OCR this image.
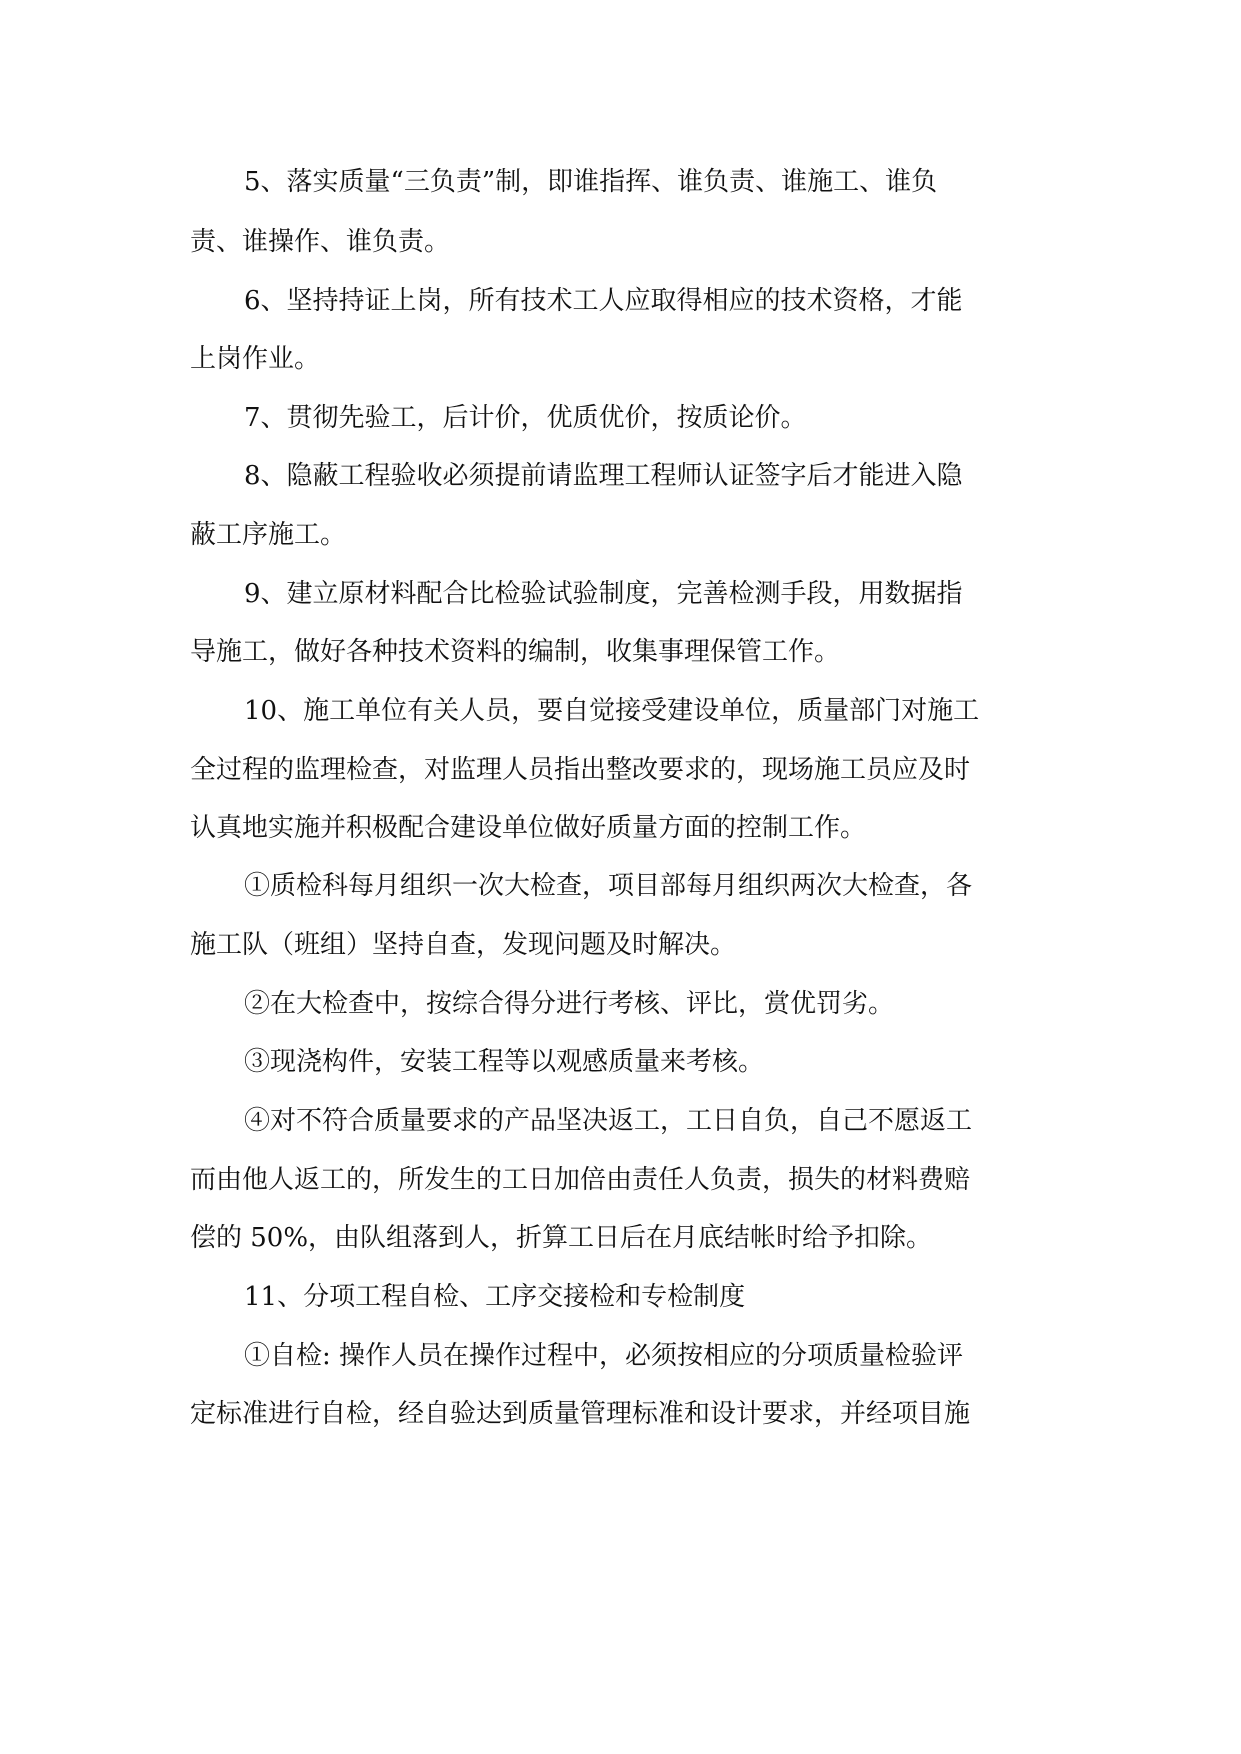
5、落实质量“三负责”制，即谁指挥、谁负责、谁施工、谁负

责、谁操作、谁负责。

6、坚持持证上岗，所有技术工人应取得相应的技术资格，才能

上岗作业。

7、贯彻先验工，后计价，优质优价，按质论价。

8、隐蔽工程验收必须提前请监理工程师认证签字后才能进入隐

蔽工序施工。

9、建立原材料配合比检验试验制度，完善检测手段，用数据指

导施工，做好各种技术资料的编制，收集事理保管工作。

10、施工单位有关人员，要自觉接受建设单位，质量部门对施工

全过程的监理检查，对监理人员指出整改要求的，现场施工员应及时

认真地实施并积极配合建设单位做好质量方面的控制工作。

①质检科每月组织一次大检查，项目部每月组织两次大检查，各

施工队（班组）坚持自查，发现问题及时解决。

②在大检查中，按综合得分进行考核、评比，赏优罚劣。

③现浇构件，安装工程等以观感质量来考核。

④对不符合质量要求的产品坚决返工，工日自负，自己不愿返工

而由他人返工的，所发生的工日加倍由责任人负责，损失的材料费赔

偿的 50%，由队组落到人，折算工日后在月底结帐时给予扣除。

11、分项工程自检、工序交接检和专检制度

①自检: 操作人员在操作过程中，必须按相应的分项质量检验评

定标准进行自检，经自验达到质量管理标准和设计要求，并经项目施
